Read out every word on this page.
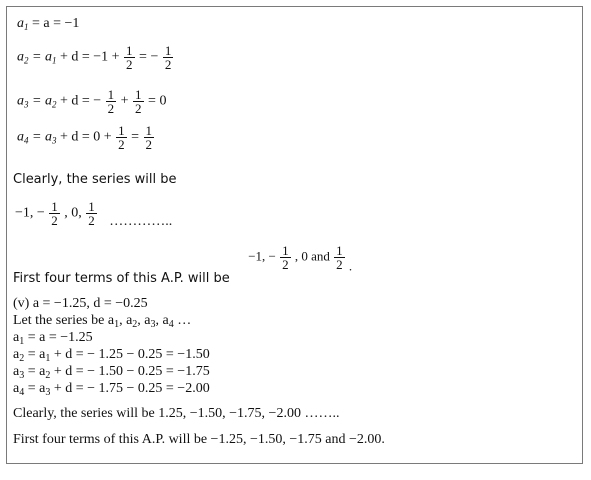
$a_1 = a = -1$
$a_2 = a_1 + d = -1 + \frac{1}{2}$ = − $\frac{1}{2}$
$a_3 = a_2 + d$ = − $\frac{1}{2} + \frac{1}{2} = 0$
$a_4 = a_3 + d = 0 + \frac{1}{2} = \frac{1}{2}$
Clearly, the series will be
−1, − $\frac{1}{2}$ , 0, $\frac{1}{2}$ …………..
First four terms of this A.P. will be −1, − $\frac{1}{2}$ , 0 and $\frac{1}{2}$ .
(v) a = −1.25, d = −0.25
Let the series be $a_1$, $a_2$, $a_3$, $a_4$ …
$a_1 = a = -1.25$
$a_2 = a_1 + d$ = − 1.25 − 0.25 = −1.50
$a_3 = a_2 + d$ = − 1.50 − 0.25 = −1.75
$a_4 = a_3 + d$ = − 1.75 − 0.25 = −2.00
Clearly, the series will be 1.25, −1.50, −1.75, −2.00 ……..
First four terms of this A.P. will be −1.25, −1.50, −1.75 and −2.00.
